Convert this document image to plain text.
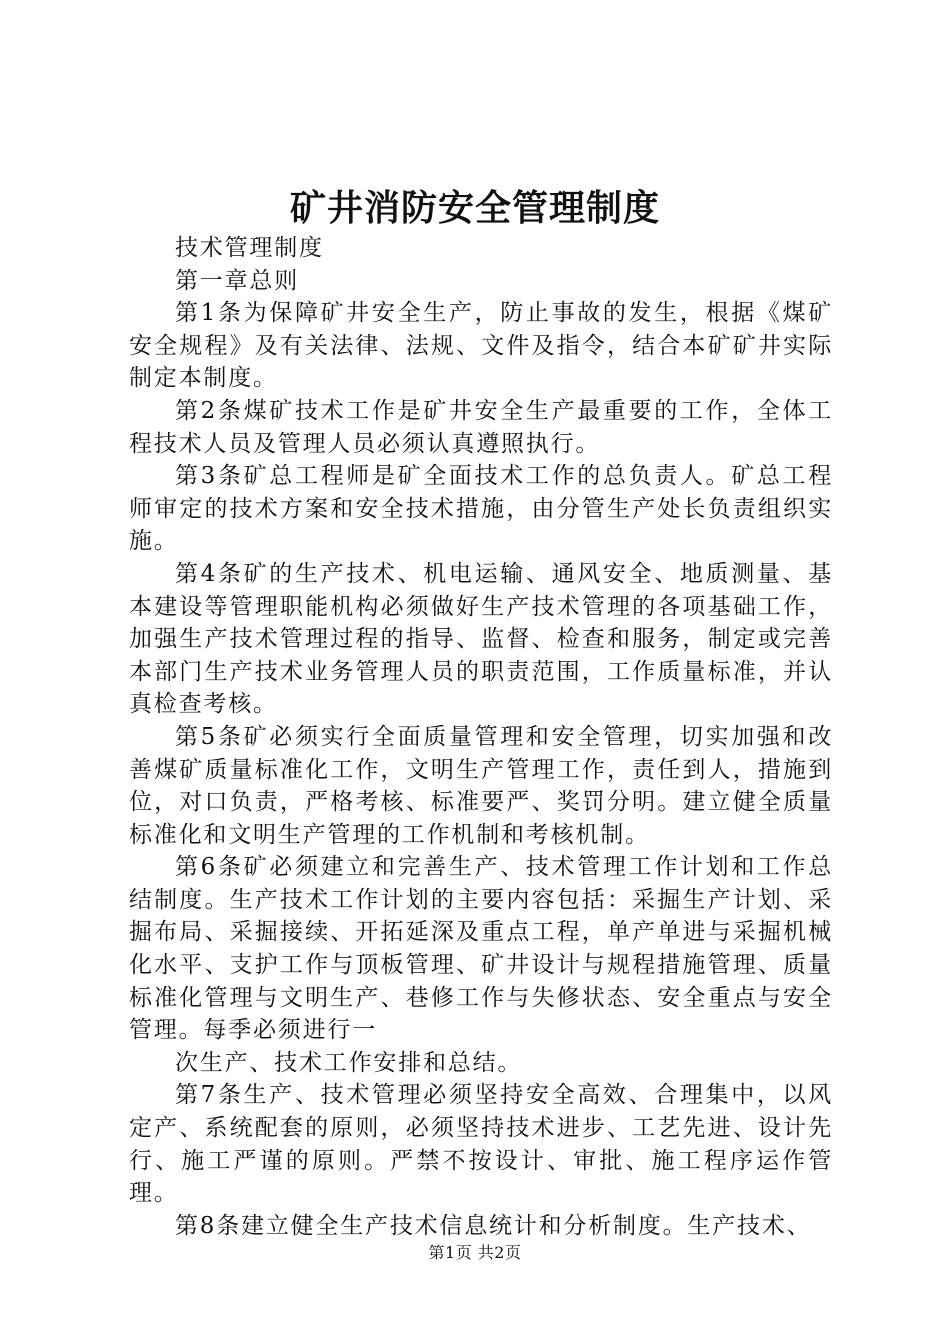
矿井消防安全管理制度

技术管理制度

第一章总则

第1条为保障矿井安全生产，防止事故的发生，根据《煤矿安全规程》及有关法律、法规、文件及指令，结合本矿矿井实际制定本制度。

第2条煤矿技术工作是矿井安全生产最重要的工作，全体工程技术人员及管理人员必须认真遵照执行。

第3条矿总工程师是矿全面技术工作的总负责人。矿总工程师审定的技术方案和安全技术措施，由分管生产处长负责组织实施。

第4条矿的生产技术、机电运输、通风安全、地质测量、基本建设等管理职能机构必须做好生产技术管理的各项基础工作，加强生产技术管理过程的指导、监督、检查和服务，制定或完善本部门生产技术业务管理人员的职责范围，工作质量标准，并认真检查考核。

第5条矿必须实行全面质量管理和安全管理，切实加强和改善煤矿质量标准化工作，文明生产管理工作，责任到人，措施到位，对口负责，严格考核、标准要严、奖罚分明。建立健全质量标准化和文明生产管理的工作机制和考核机制。

第6条矿必须建立和完善生产、技术管理工作计划和工作总结制度。生产技术工作计划的主要内容包括：采掘生产计划、采掘布局、采掘接续、开拓延深及重点工程，单产单进与采掘机械化水平、支护工作与顶板管理、矿井设计与规程措施管理、质量标准化管理与文明生产、巷修工作与失修状态、安全重点与安全管理。每季必须进行一

次生产、技术工作安排和总结。

第7条生产、技术管理必须坚持安全高效、合理集中，以风定产、系统配套的原则，必须坚持技术进步、工艺先进、设计先行、施工严谨的原则。严禁不按设计、审批、施工程序运作管理。

第8条建立健全生产技术信息统计和分析制度。生产技术、

第1页 共2页
